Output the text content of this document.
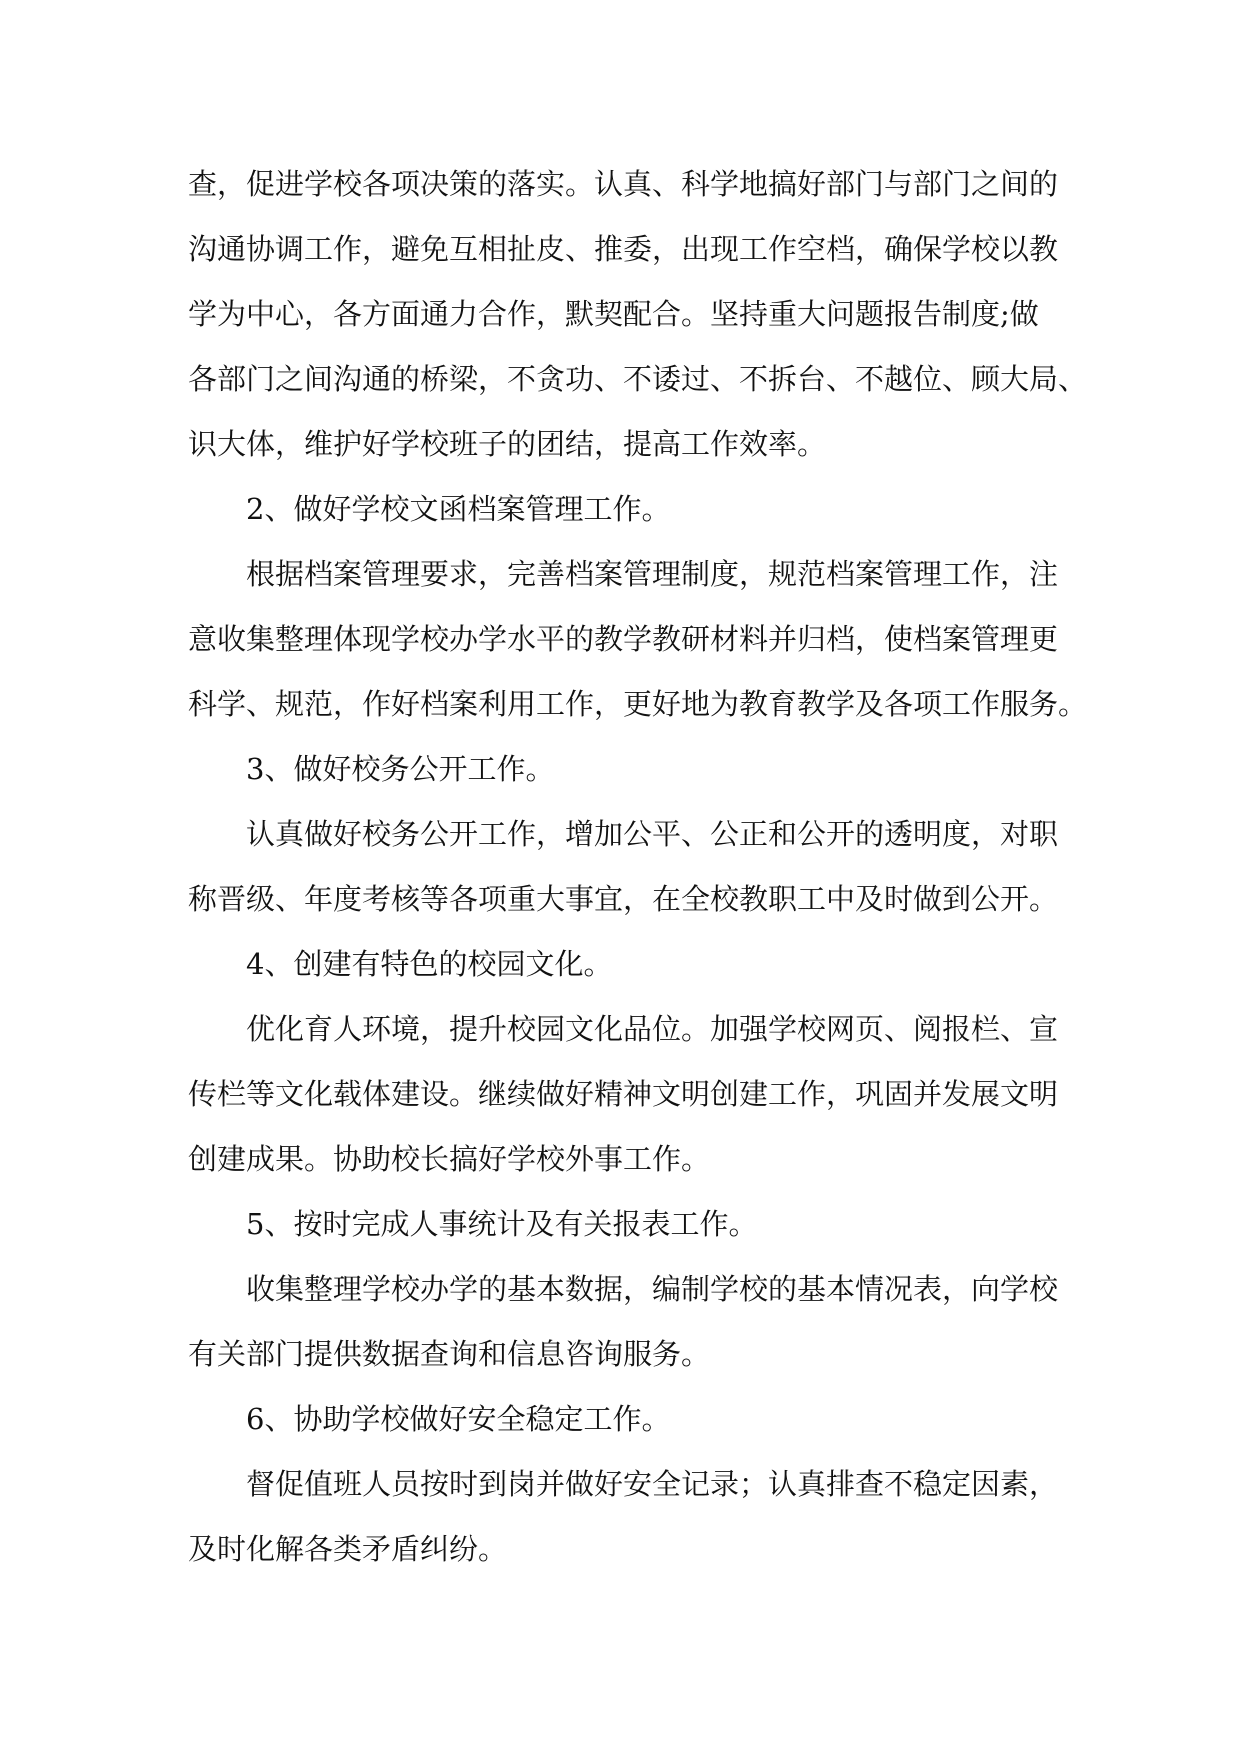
查，促进学校各项决策的落实。认真、科学地搞好部门与部门之间的
沟通协调工作，避免互相扯皮、推委，出现工作空档，确保学校以教
学为中心，各方面通力合作，默契配合。坚持重大问题报告制度;做
各部门之间沟通的桥梁，不贪功、不诿过、不拆台、不越位、顾大局、
识大体，维护好学校班子的团结，提高工作效率。
2、做好学校文函档案管理工作。
根据档案管理要求，完善档案管理制度，规范档案管理工作，注
意收集整理体现学校办学水平的教学教研材料并归档，使档案管理更
科学、规范，作好档案利用工作，更好地为教育教学及各项工作服务。
3、做好校务公开工作。
认真做好校务公开工作，增加公平、公正和公开的透明度，对职
称晋级、年度考核等各项重大事宜，在全校教职工中及时做到公开。
4、创建有特色的校园文化。
优化育人环境，提升校园文化品位。加强学校网页、阅报栏、宣
传栏等文化载体建设。继续做好精神文明创建工作，巩固并发展文明
创建成果。协助校长搞好学校外事工作。
5、按时完成人事统计及有关报表工作。
收集整理学校办学的基本数据，编制学校的基本情况表，向学校
有关部门提供数据查询和信息咨询服务。
6、协助学校做好安全稳定工作。
督促值班人员按时到岗并做好安全记录；认真排查不稳定因素，
及时化解各类矛盾纠纷。
